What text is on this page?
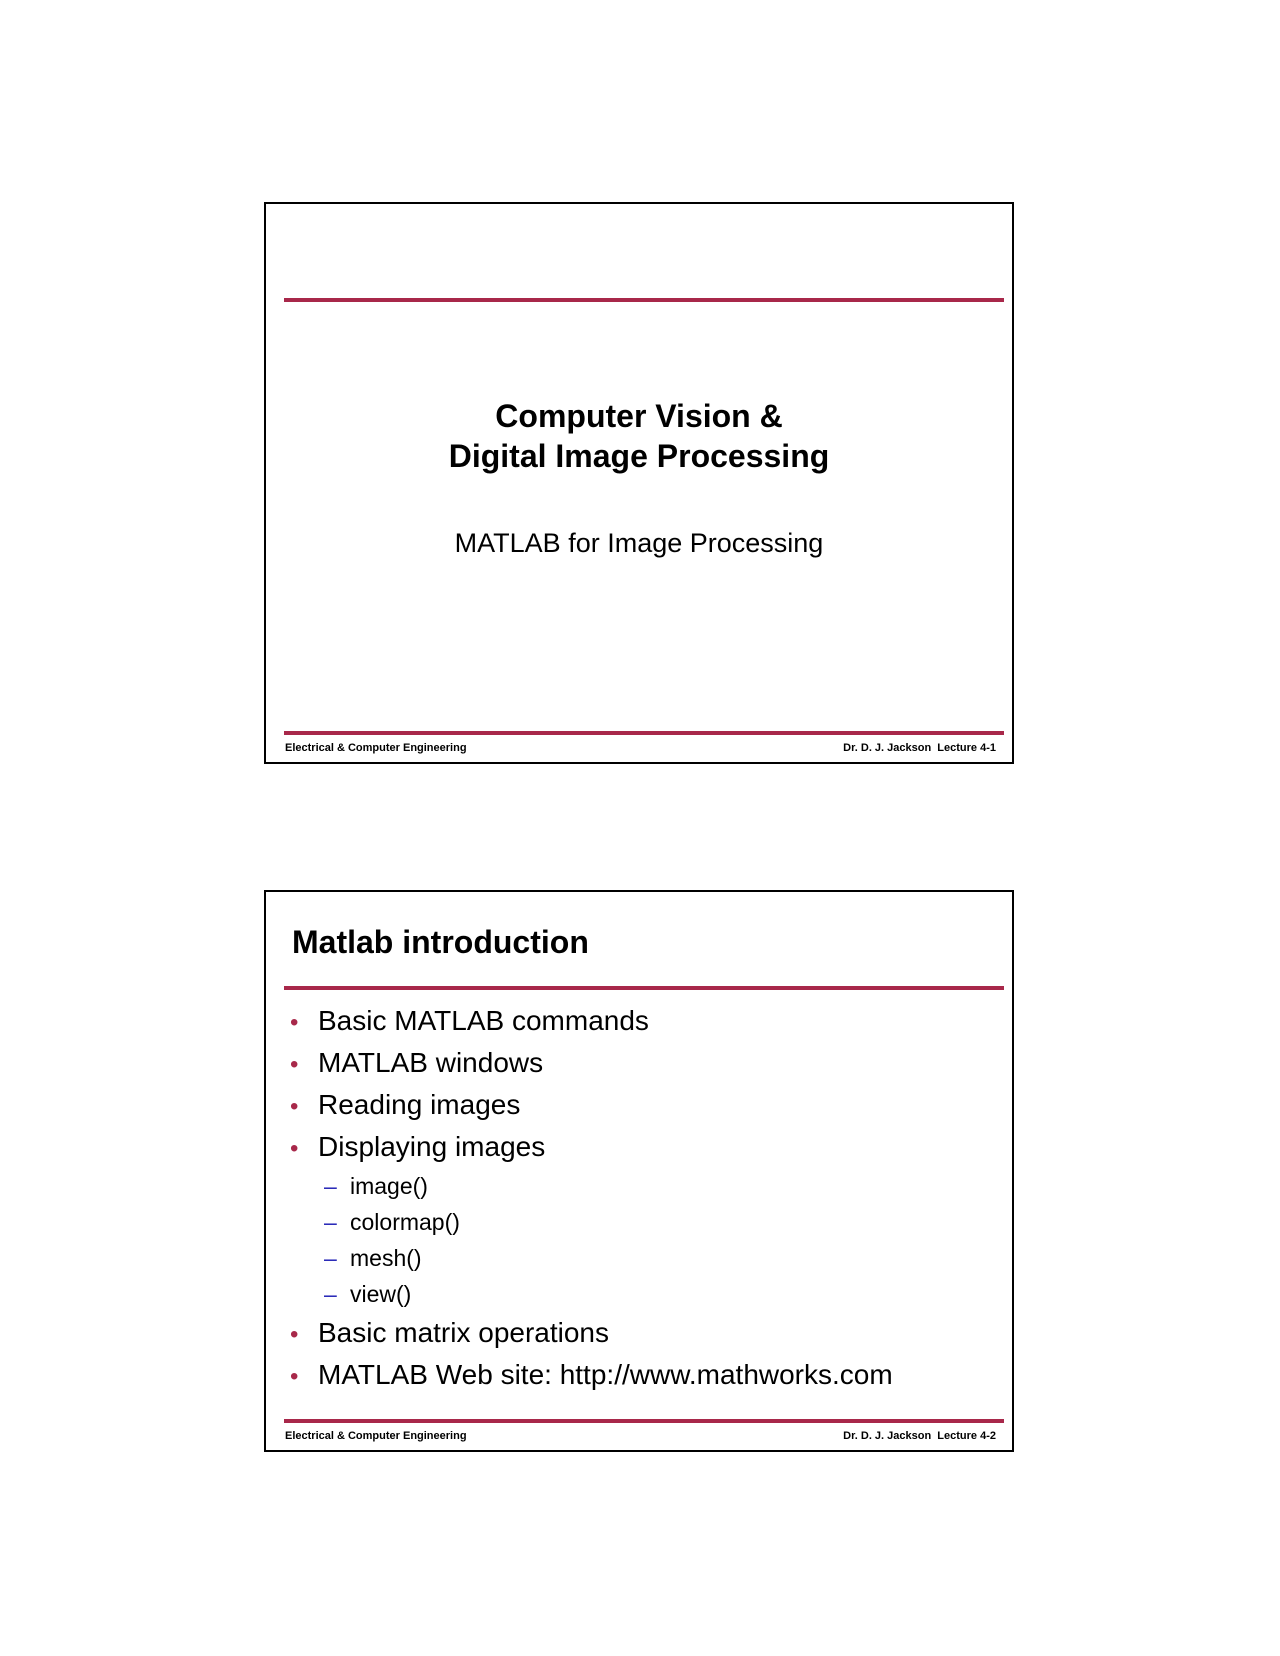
Computer Vision &
Digital Image Processing
MATLAB for Image Processing
Electrical & Computer Engineering	Dr. D. J. Jackson  Lecture 4-1
Matlab introduction
• Basic MATLAB commands
• MATLAB windows
• Reading images
• Displaying images
– image()
– colormap()
– mesh()
– view()
• Basic matrix operations
• MATLAB Web site: http://www.mathworks.com
Electrical & Computer Engineering	Dr. D. J. Jackson  Lecture 4-2
